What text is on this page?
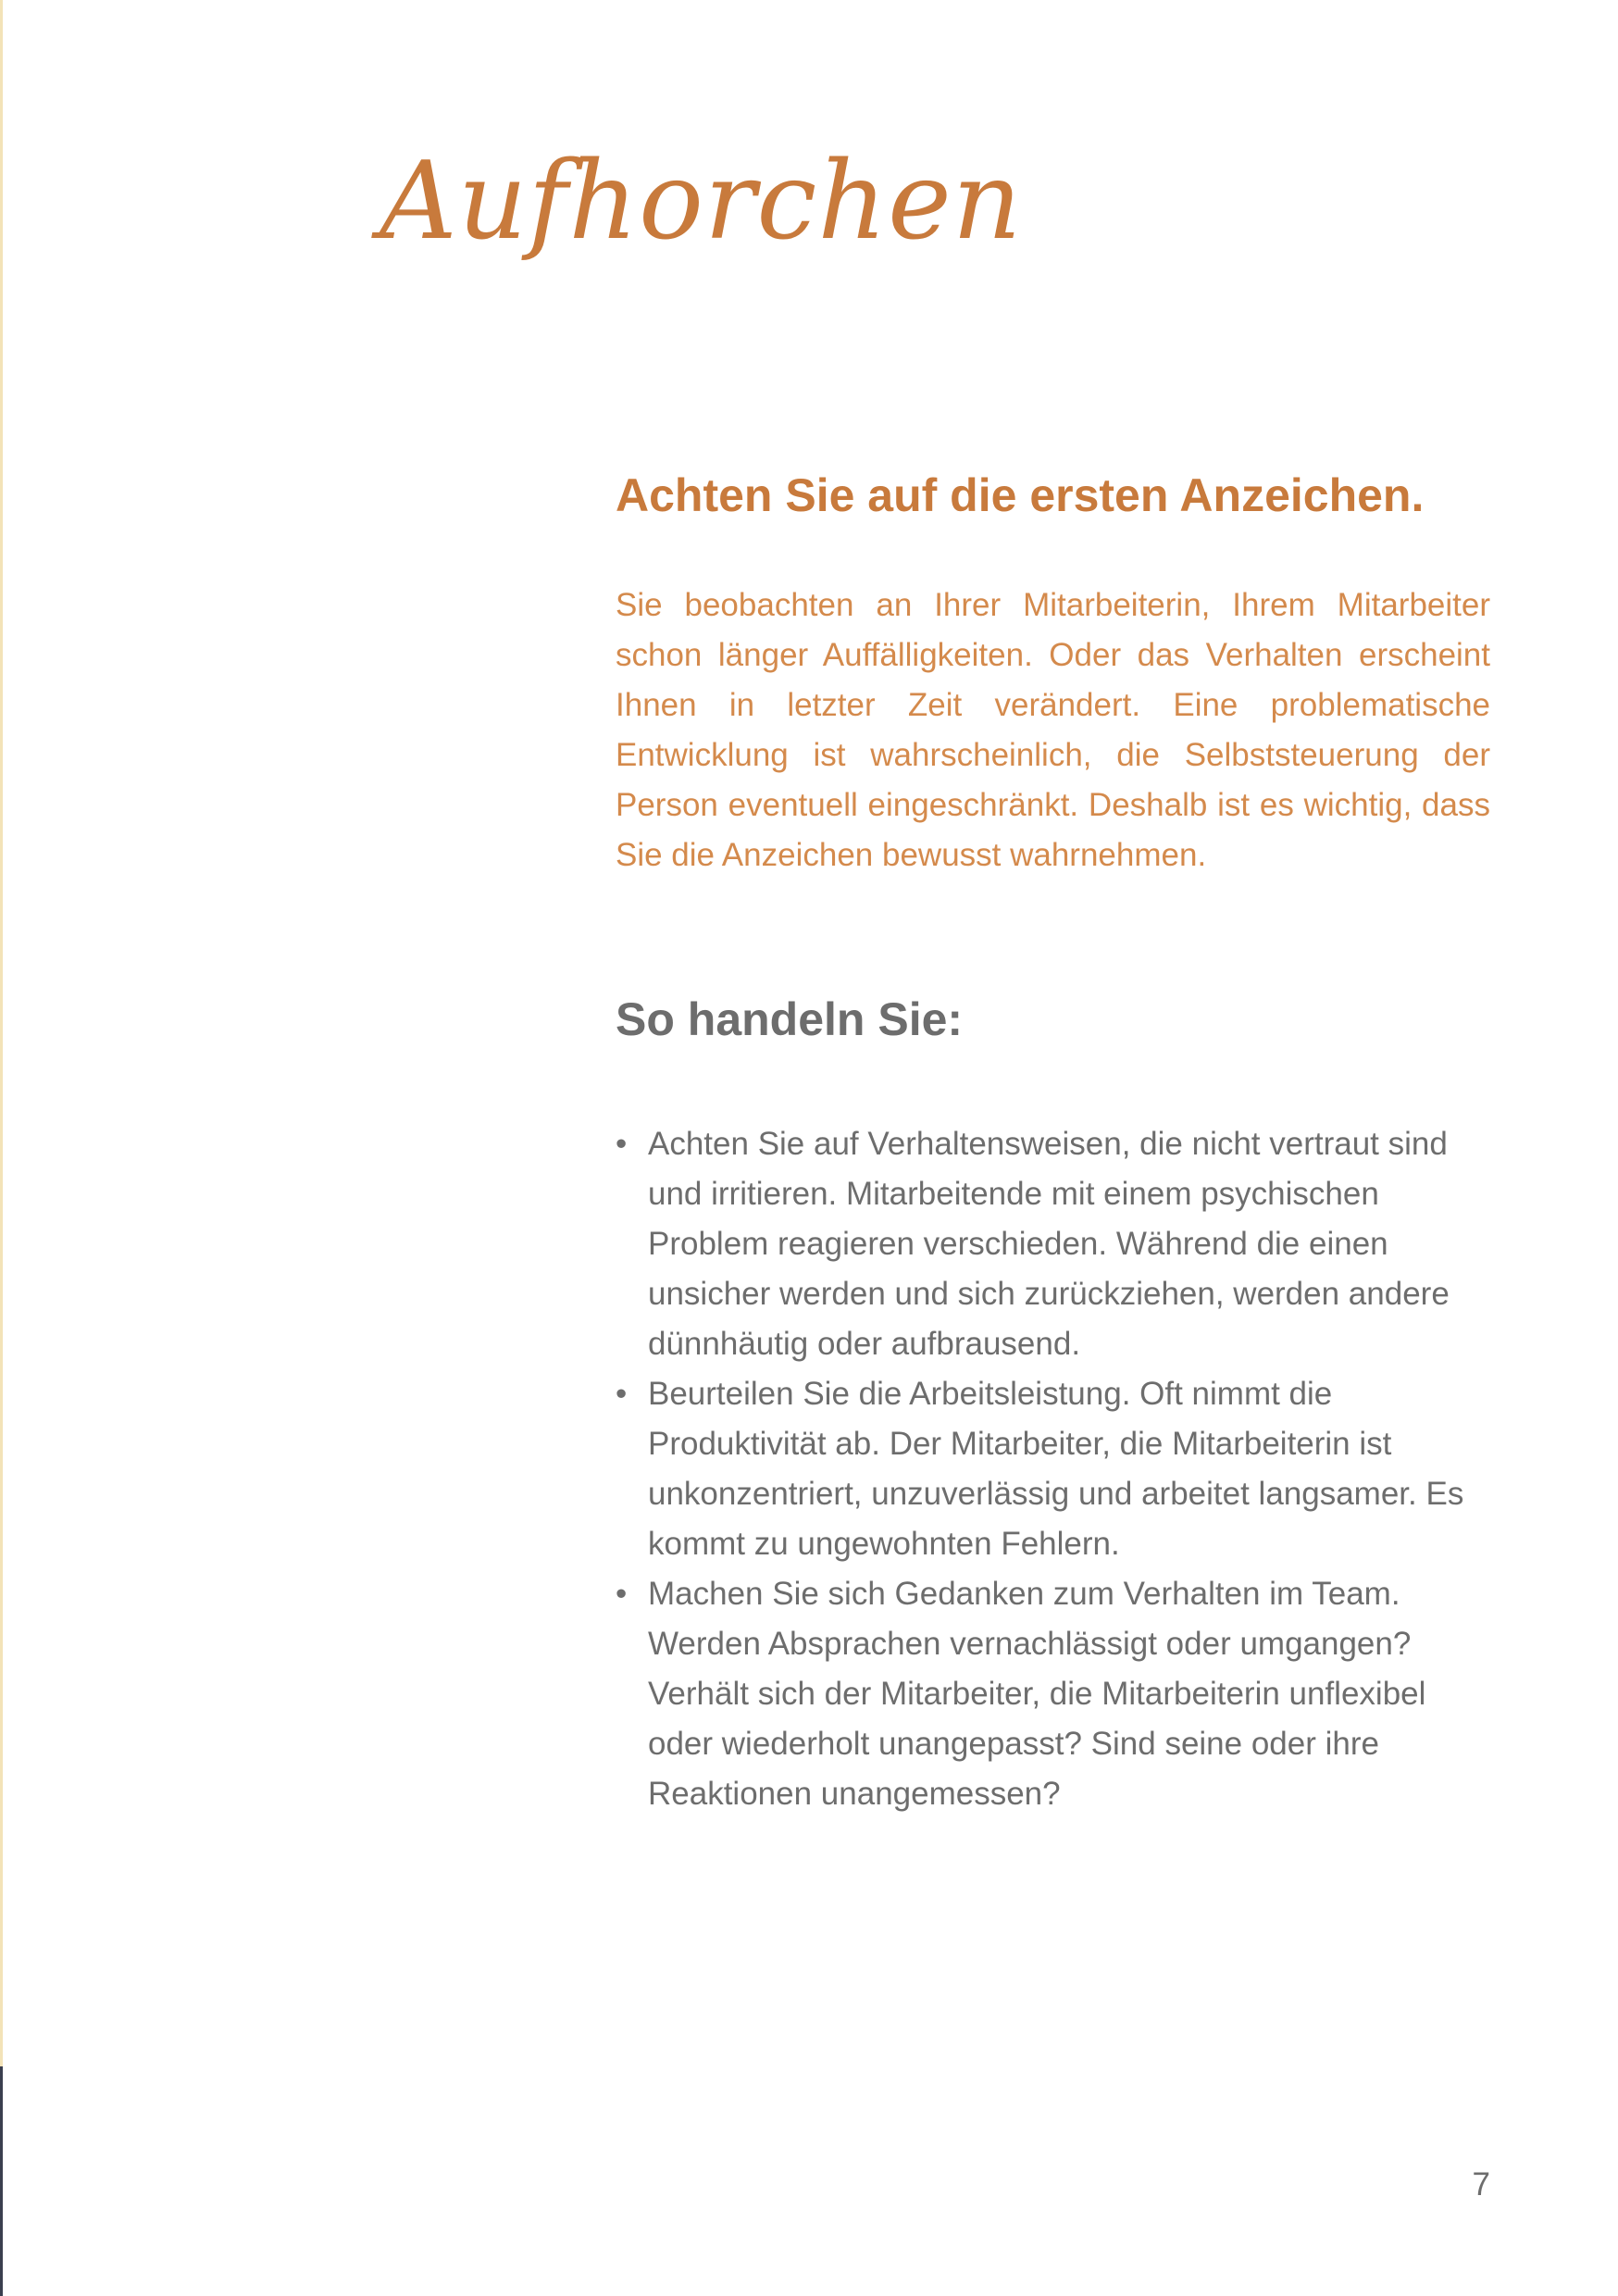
Aufhorchen
Achten Sie auf die ersten Anzeichen.

Sie beobachten an Ihrer Mitarbeiterin, Ihrem Mitarbeiter schon länger Auffälligkeiten. Oder das Verhalten erscheint Ihnen in letzter Zeit verändert. Eine problematische Entwicklung ist wahrscheinlich, die Selbststeuerung der Person eventuell eingeschränkt. Deshalb ist es wichtig, dass Sie die Anzeichen bewusst wahrnehmen.

So handeln Sie:
• Achten Sie auf Verhaltensweisen, die nicht vertraut sind und irritieren. Mitarbeitende mit einem psychischen Problem reagieren verschieden. Während die einen unsicher werden und sich zurückziehen, werden andere dünnhäutig oder aufbrausend.
• Beurteilen Sie die Arbeitsleistung. Oft nimmt die Produktivität ab. Der Mitarbeiter, die Mitarbeiterin ist unkonzentriert, unzuverlässig und arbeitet langsamer. Es kommt zu ungewohnten Fehlern.
• Machen Sie sich Gedanken zum Verhalten im Team. Werden Absprachen vernachlässigt oder umgangen? Verhält sich der Mitarbeiter, die Mitarbeiterin unflexibel oder wiederholt unangepasst? Sind seine oder ihre Reaktionen unangemessen?
7
